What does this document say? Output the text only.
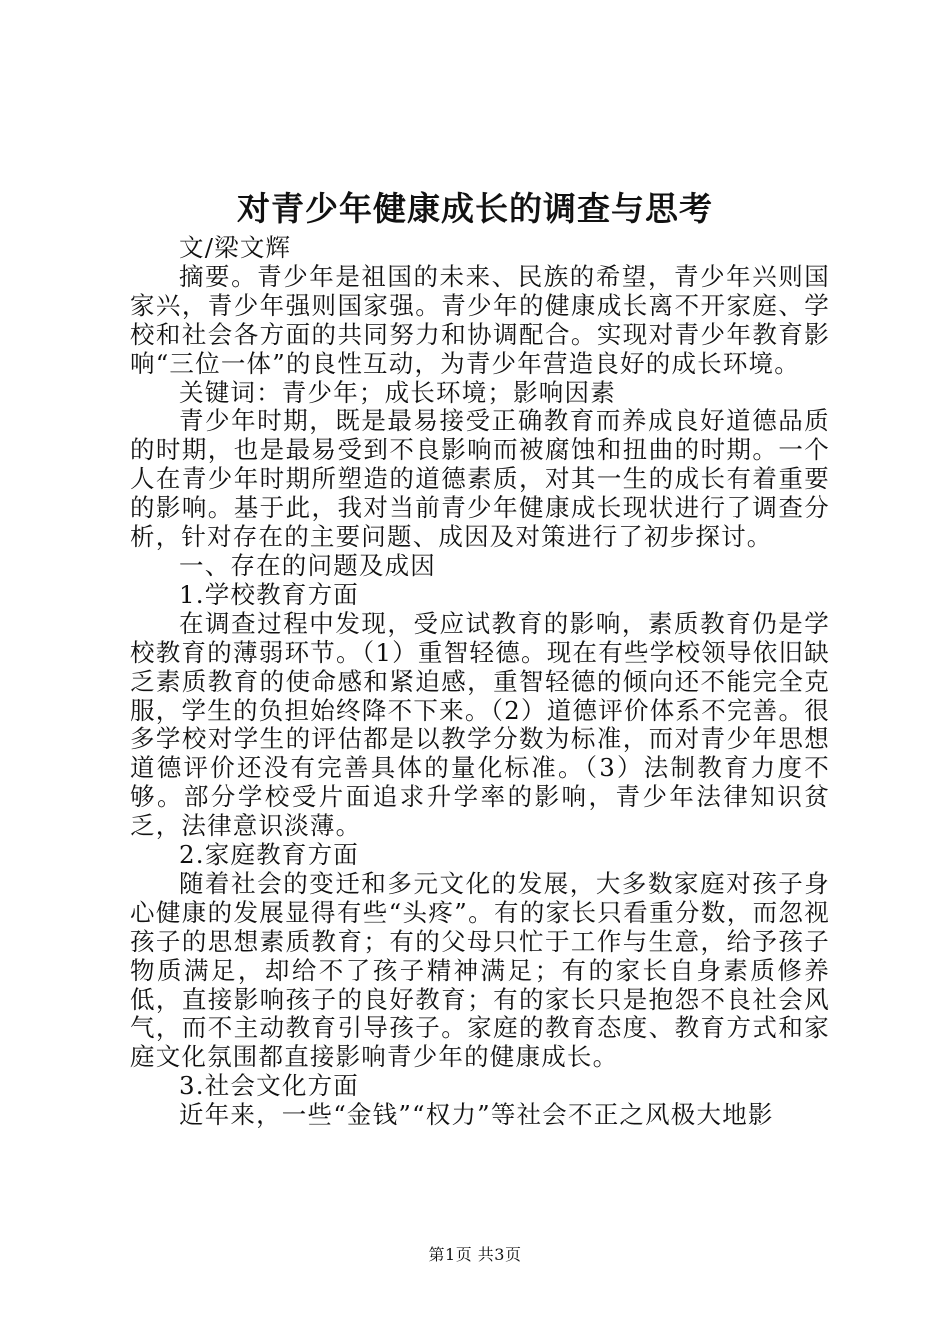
对青少年健康成长的调查与思考

文/梁文辉

摘要。青少年是祖国的未来、民族的希望，青少年兴则国家兴，青少年强则国家强。青少年的健康成长离不开家庭、学校和社会各方面的共同努力和协调配合。实现对青少年教育影响“三位一体”的良性互动，为青少年营造良好的成长环境。

关键词：青少年；成长环境；影响因素

青少年时期，既是最易接受正确教育而养成良好道德品质的时期，也是最易受到不良影响而被腐蚀和扭曲的时期。一个人在青少年时期所塑造的道德素质，对其一生的成长有着重要的影响。基于此，我对当前青少年健康成长现状进行了调查分析，针对存在的主要问题、成因及对策进行了初步探讨。

一、存在的问题及成因

1.学校教育方面

在调查过程中发现，受应试教育的影响，素质教育仍是学校教育的薄弱环节。（1）重智轻德。现在有些学校领导依旧缺乏素质教育的使命感和紧迫感，重智轻德的倾向还不能完全克服，学生的负担始终降不下来。（2）道德评价体系不完善。很多学校对学生的评估都是以教学分数为标准，而对青少年思想道德评价还没有完善具体的量化标准。（3）法制教育力度不够。部分学校受片面追求升学率的影响，青少年法律知识贫乏，法律意识淡薄。

2.家庭教育方面

随着社会的变迁和多元文化的发展，大多数家庭对孩子身心健康的发展显得有些“头疼”。有的家长只看重分数，而忽视孩子的思想素质教育；有的父母只忙于工作与生意，给予孩子物质满足，却给不了孩子精神满足；有的家长自身素质修养低，直接影响孩子的良好教育；有的家长只是抱怨不良社会风气，而不主动教育引导孩子。家庭的教育态度、教育方式和家庭文化氛围都直接影响青少年的健康成长。

3.社会文化方面

近年来，一些“金钱”“权力”等社会不正之风极大地影

第1页 共3页
